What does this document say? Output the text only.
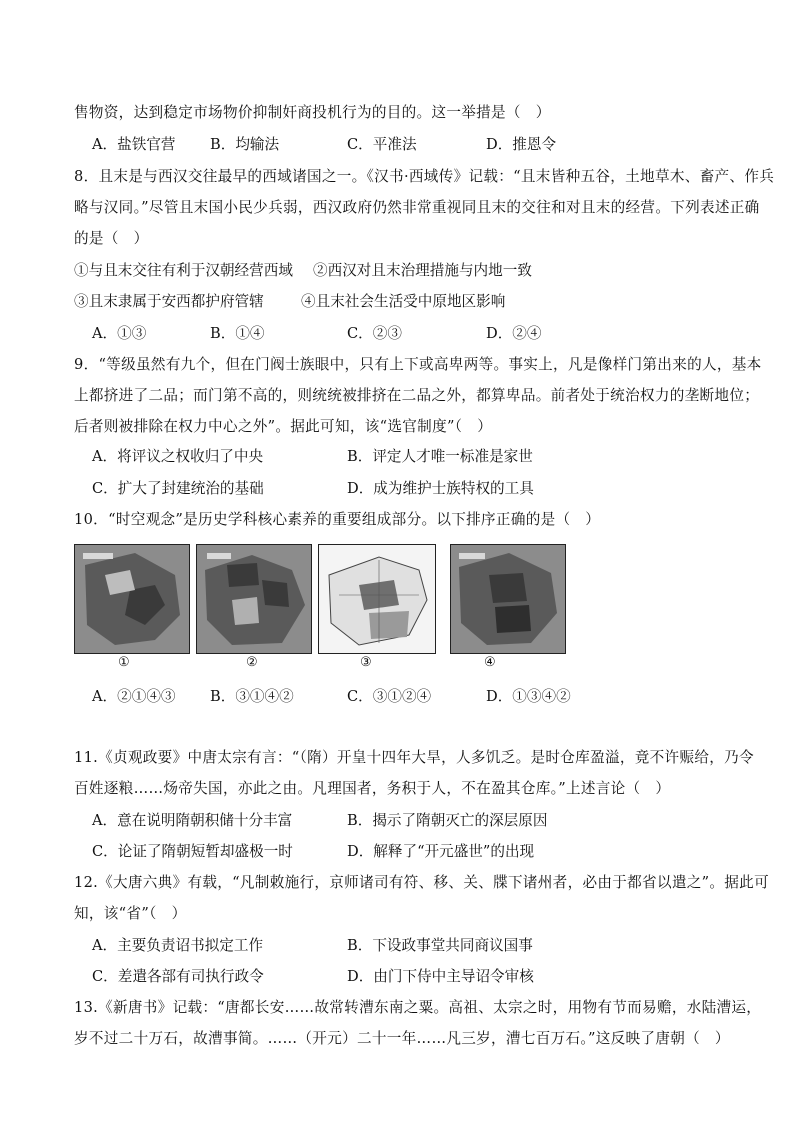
售物资，达到稳定市场物价抑制奸商投机行为的目的。这一举措是（　）
A．盐铁官营 B．均输法	C．平准法	D．推恩令
8．且末是与西汉交往最早的西域诸国之一。《汉书·西域传》记载：“且末皆种五谷，土地草木、畜产、作兵
略与汉同。”尽管且末国小民少兵弱，西汉政府仍然非常重视同且末的交往和对且末的经营。下列表述正确
的是（　）
①与且末交往有利于汉朝经营西域 ②西汉对且末治理措施与内地一致
③且末隶属于安西都护府管辖	④且末社会生活受中原地区影响
A．①③	B．①④	C．②③	D．②④
9．“等级虽然有九个，但在门阀士族眼中，只有上下或高卑两等。事实上，凡是像样门第出来的人，基本
上都挤进了二品；而门第不高的，则统统被排挤在二品之外，都算卑品。前者处于统治权力的垄断地位；
后者则被排除在权力中心之外”。据此可知，该“选官制度”（　）
A．将评议之权收归了中央	B．评定人才唯一标准是家世
C．扩大了封建统治的基础	D．成为维护士族特权的工具
10．“时空观念”是历史学科核心素养的重要组成部分。以下排序正确的是（　）
①	②	③	④
A．②①④③ B．③①④②	C．③①②④	D．①③④②
11.《贞观政要》中唐太宗有言：“（隋）开皇十四年大旱，人多饥乏。是时仓库盈溢，竟不许赈给，乃令
百姓逐粮……炀帝失国，亦此之由。凡理国者，务积于人，不在盈其仓库。”上述言论（　）
A．意在说明隋朝积储十分丰富	B．揭示了隋朝灭亡的深层原因
C．论证了隋朝短暂却盛极一时	D．解释了“开元盛世”的出现
12.《大唐六典》有载，“凡制敕施行，京师诸司有符、移、关、牒下诸州者，必由于都省以遣之”。据此可
知，该“省”（　）
A．主要负责诏书拟定工作	B．下设政事堂共同商议国事
C．差遣各部有司执行政令	D．由门下侍中主导诏令审核
13.《新唐书》记载：“唐都长安……故常转漕东南之粟。高祖、太宗之时，用物有节而易赡，水陆漕运，
岁不过二十万石，故漕事简。……（开元）二十一年……凡三岁，漕七百万石。”这反映了唐朝（　）
